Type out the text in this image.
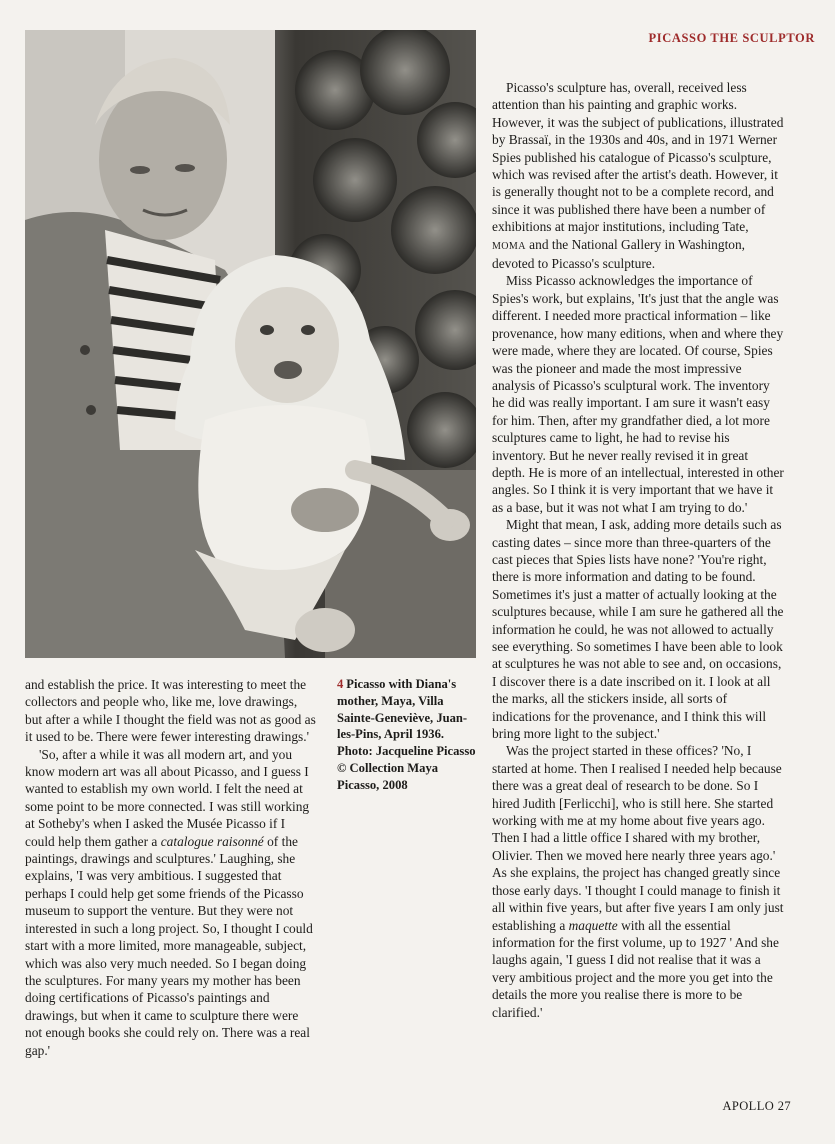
PICASSO THE SCULPTOR

and establish the price. It was interesting to meet the collectors and people who, like me, love drawings, but after a while I thought the field was not as good as it used to be. There were fewer interesting drawings.'

'So, after a while it was all modern art, and you know modern art was all about Picasso, and I guess I wanted to establish my own world. I felt the need at some point to be more connected. I was still working at Sotheby's when I asked the Musée Picasso if I could help them gather a catalogue raisonné of the paintings, drawings and sculptures.' Laughing, she explains, 'I was very ambitious. I suggested that perhaps I could help get some friends of the Picasso museum to support the venture. But they were not interested in such a long project. So, I thought I could start with a more limited, more manageable, subject, which was also very much needed. So I began doing the sculptures. For many years my mother has been doing certifications of Picasso's paintings and drawings, but when it came to sculpture there were not enough books she could rely on. There was a real gap.'

4 Picasso with Diana's mother, Maya, Villa Sainte-Geneviève, Juan-les-Pins, April 1936. Photo: Jacqueline Picasso © Collection Maya Picasso, 2008

Picasso's sculpture has, overall, received less attention than his painting and graphic works. However, it was the subject of publications, illustrated by Brassaï, in the 1930s and 40s, and in 1971 Werner Spies published his catalogue of Picasso's sculpture, which was revised after the artist's death. However, it is generally thought not to be a complete record, and since it was published there have been a number of exhibitions at major institutions, including Tate, MOMA and the National Gallery in Washington, devoted to Picasso's sculpture.

Miss Picasso acknowledges the importance of Spies's work, but explains, 'It's just that the angle was different. I needed more practical information – like provenance, how many editions, when and where they were made, where they are located. Of course, Spies was the pioneer and made the most impressive analysis of Picasso's sculptural work. The inventory he did was really important. I am sure it wasn't easy for him. Then, after my grandfather died, a lot more sculptures came to light, he had to revise his inventory. But he never really revised it in great depth. He is more of an intellectual, interested in other angles. So I think it is very important that we have it as a base, but it was not what I am trying to do.'

Might that mean, I ask, adding more details such as casting dates – since more than three-quarters of the cast pieces that Spies lists have none? 'You're right, there is more information and dating to be found. Sometimes it's just a matter of actually looking at the sculptures because, while I am sure he gathered all the information he could, he was not allowed to actually see everything. So sometimes I have been able to look at sculptures he was not able to see and, on occasions, I discover there is a date inscribed on it. I look at all the marks, all the stickers inside, all sorts of indications for the provenance, and I think this will bring more light to the subject.'

Was the project started in these offices? 'No, I started at home. Then I realised I needed help because there was a great deal of research to be done. So I hired Judith [Ferlicchi], who is still here. She started working with me at my home about five years ago. Then I had a little office I shared with my brother, Olivier. Then we moved here nearly three years ago.' As she explains, the project has changed greatly since those early days. 'I thought I could manage to finish it all within five years, but after five years I am only just establishing a maquette with all the essential information for the first volume, up to 1927 ' And she laughs again, 'I guess I did not realise that it was a very ambitious project and the more you get into the details the more you realise there is more to be clarified.'

APOLLO 27
